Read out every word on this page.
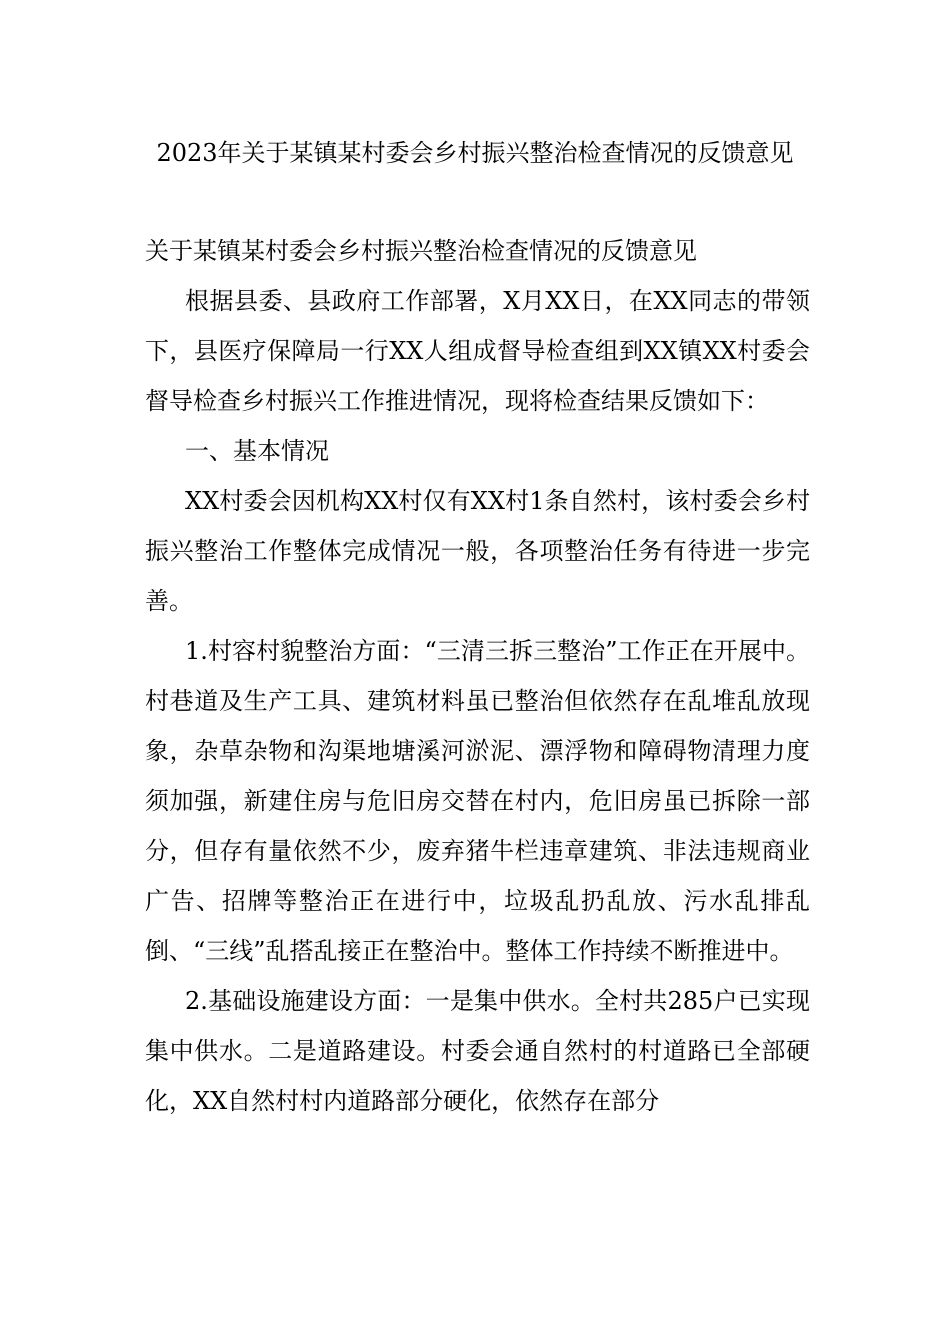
2023年关于某镇某村委会乡村振兴整治检查情况的反馈意见

关于某镇某村委会乡村振兴整治检查情况的反馈意见

根据县委、县政府工作部署，X月XX日，在XX同志的带领下，县医疗保障局一行XX人组成督导检查组到XX镇XX村委会督导检查乡村振兴工作推进情况，现将检查结果反馈如下：

一、基本情况

XX村委会因机构XX村仅有XX村1条自然村，该村委会乡村振兴整治工作整体完成情况一般，各项整治任务有待进一步完善。

1.村容村貌整治方面：“三清三拆三整治”工作正在开展中。村巷道及生产工具、建筑材料虽已整治但依然存在乱堆乱放现象，杂草杂物和沟渠地塘溪河淤泥、漂浮物和障碍物清理力度须加强，新建住房与危旧房交替在村内，危旧房虽已拆除一部分，但存有量依然不少，废弃猪牛栏违章建筑、非法违规商业广告、招牌等整治正在进行中，垃圾乱扔乱放、污水乱排乱倒、“三线”乱搭乱接正在整治中。整体工作持续不断推进中。

2.基础设施建设方面：一是集中供水。全村共285户已实现集中供水。二是道路建设。村委会通自然村的村道路已全部硬化，XX自然村村内道路部分硬化，依然存在部分
